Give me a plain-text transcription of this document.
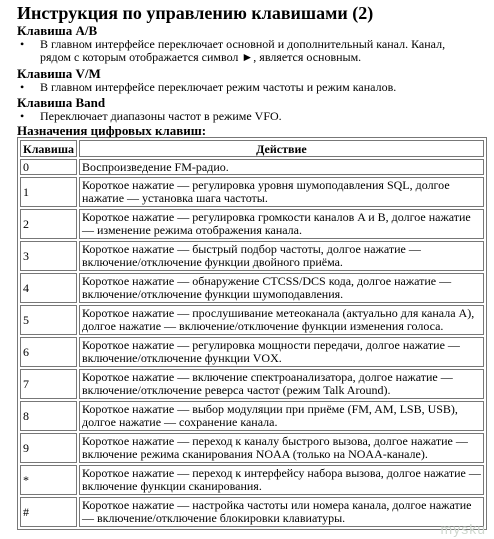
Инструкция по управлению клавишами (2)
Клавиша A/B
• В главном интерфейсе переключает основной и дополнительный канал. Канал,
рядом с которым отображается символ ►, является основным.
Клавиша V/M
• В главном интерфейсе переключает режим частоты и режим каналов.
Клавиша Band
• Переключает диапазоны частот в режиме VFO.
Назначения цифровых клавиш:
Клавиша	Действие
0	Воспроизведение FM-радио.

1	Короткое нажатие — регулировка уровня шумоподавления SQL, долгое
нажатие — установка шага частоты.

2	Короткое нажатие — регулировка громкости каналов A и B, долгое нажатие
— изменение режима отображения канала.

3	Короткое нажатие — быстрый подбор частоты, долгое нажатие —
включение/отключение функции двойного приёма.

4	Короткое нажатие — обнаружение CTCSS/DCS кода, долгое нажатие —
включение/отключение функции шумоподавления.

5	Короткое нажатие — прослушивание метеоканала (актуально для канала A),
долгое нажатие — включение/отключение функции изменения голоса.

6	Короткое нажатие — регулировка мощности передачи, долгое нажатие —
включение/отключение функции VOX.

7	Короткое нажатие — включение спектроанализатора, долгое нажатие —
включение/отключение реверса частот (режим Talk Around).

8	Короткое нажатие — выбор модуляции при приёме (FM, AM, LSB, USB),
долгое нажатие — сохранение канала.

9	Короткое нажатие — переход к каналу быстрого вызова, долгое нажатие —
включение режима сканирования NOAA (только на NOAA-канале).

*	Короткое нажатие — переход к интерфейсу набора вызова, долгое нажатие —
включение функции сканирования.

#	Короткое нажатие — настройка частоты или номера канала, долгое нажатие
— включение/отключение блокировки клавиатуры.
mysku
